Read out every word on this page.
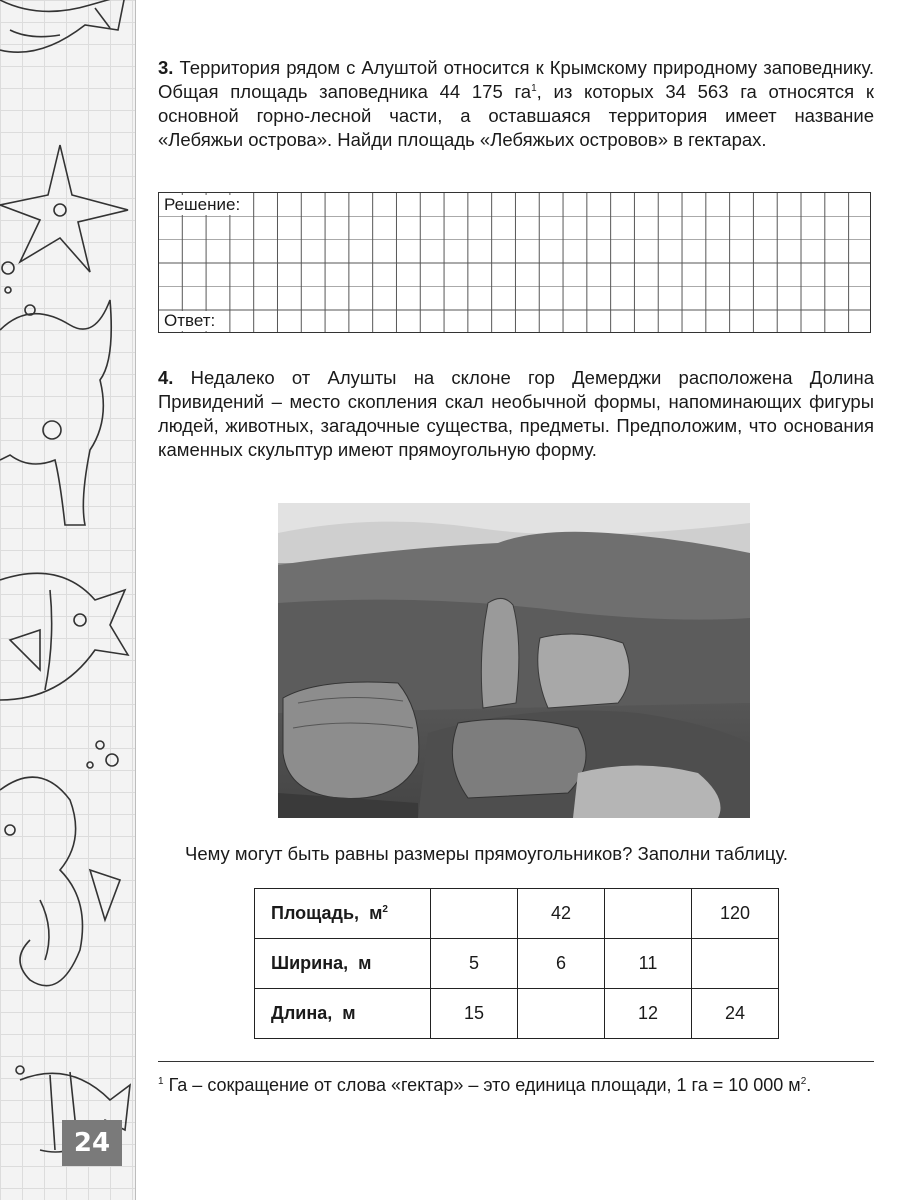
24
3. Территория рядом с Алуштой относится к Крымскому природному заповеднику. Общая площадь заповедника 44 175 $га^1$, из которых 34 563 га относятся к основной горно-лесной части, а оставшаяся территория имеет название «Лебяжьи острова». Найди площадь «Лебяжьих островов» в гектарах.
Решение:
Ответ:
4. Недалеко от Алушты на склоне гор Демерджи расположена Долина Привидений – место скопления скал необычной формы, напоминающих фигуры людей, животных, загадочные существа, предметы. Предположим, что основания каменных скульптур имеют прямоугольную форму.
Чему могут быть равны размеры прямоугольников? Заполни таблицу.
Площадь, $м^2$		42		120
Ширина, м	5	6	11	
Длина, м	15		12	24
$^1$ Га – сокращение от слова «гектар» – это единица площади, 1 га = 10 000 $м^2$.
